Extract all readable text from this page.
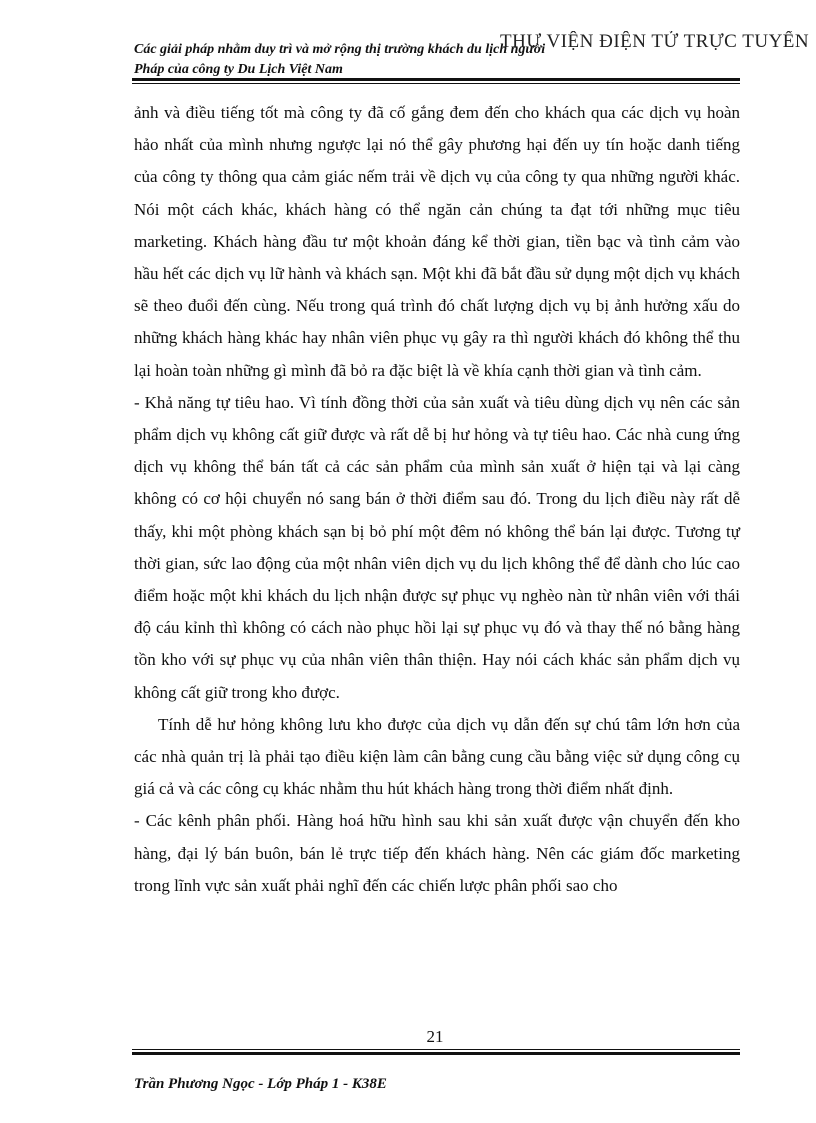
Các giải pháp nhằm duy trì và mở rộng thị trường khách du lịch người Pháp của công ty Du Lịch Việt Nam
THƯ VIỆN ĐIỆN TỬ TRỰC TUYẾN

ảnh và điều tiếng tốt mà công ty đã cố gắng đem đến cho khách qua các dịch vụ hoàn hảo nhất của mình nhưng ngược lại nó thể gây phương hại đến uy tín hoặc danh tiếng của công ty thông qua cảm giác nếm trải về dịch vụ của công ty qua những người khác. Nói một cách khác, khách hàng có thể ngăn cản chúng ta đạt tới những mục tiêu marketing. Khách hàng đầu tư một khoản đáng kể thời gian, tiền bạc và tình cảm vào hầu hết các dịch vụ lữ hành và khách sạn. Một khi đã bắt đầu sử dụng một dịch vụ khách sẽ theo đuổi đến cùng. Nếu trong quá trình đó chất lượng dịch vụ bị ảnh hưởng xấu do những khách hàng khác hay nhân viên phục vụ gây ra thì người khách đó không thể thu lại hoàn toàn những gì mình đã bỏ ra đặc biệt là về khía cạnh thời gian và tình cảm.

- Khả năng tự tiêu hao. Vì tính đồng thời của sản xuất và tiêu dùng dịch vụ nên các sản phẩm dịch vụ không cất giữ được và rất dễ bị hư hỏng và tự tiêu hao. Các nhà cung ứng dịch vụ không thể bán tất cả các sản phẩm của mình sản xuất ở hiện tại và lại càng không có cơ hội chuyển nó sang bán ở thời điểm sau đó. Trong du lịch điều này rất dễ thấy, khi một phòng khách sạn bị bỏ phí một đêm nó không thể bán lại được. Tương tự thời gian, sức lao động của một nhân viên dịch vụ du lịch không thể để dành cho lúc cao điểm hoặc một khi khách du lịch nhận được sự phục vụ nghèo nàn từ nhân viên với thái độ cáu kỉnh thì không có cách nào phục hồi lại sự phục vụ đó và thay thế nó bằng hàng tồn kho với sự phục vụ của nhân viên thân thiện. Hay nói cách khác sản phẩm dịch vụ không cất giữ trong kho được.

Tính dễ hư hỏng không lưu kho được của dịch vụ dẫn đến sự chú tâm lớn hơn của các nhà quản trị là phải tạo điều kiện làm cân bằng cung cầu bằng việc sử dụng công cụ giá cả và các công cụ khác nhằm thu hút khách hàng trong thời điểm nhất định.

- Các kênh phân phối. Hàng hoá hữu hình sau khi sản xuất được vận chuyển đến kho hàng, đại lý bán buôn, bán lẻ trực tiếp đến khách hàng. Nên các giám đốc marketing trong lĩnh vực sản xuất phải nghĩ đến các chiến lược phân phối sao cho

21
Trần Phương Ngọc - Lớp Pháp 1 - K38E
